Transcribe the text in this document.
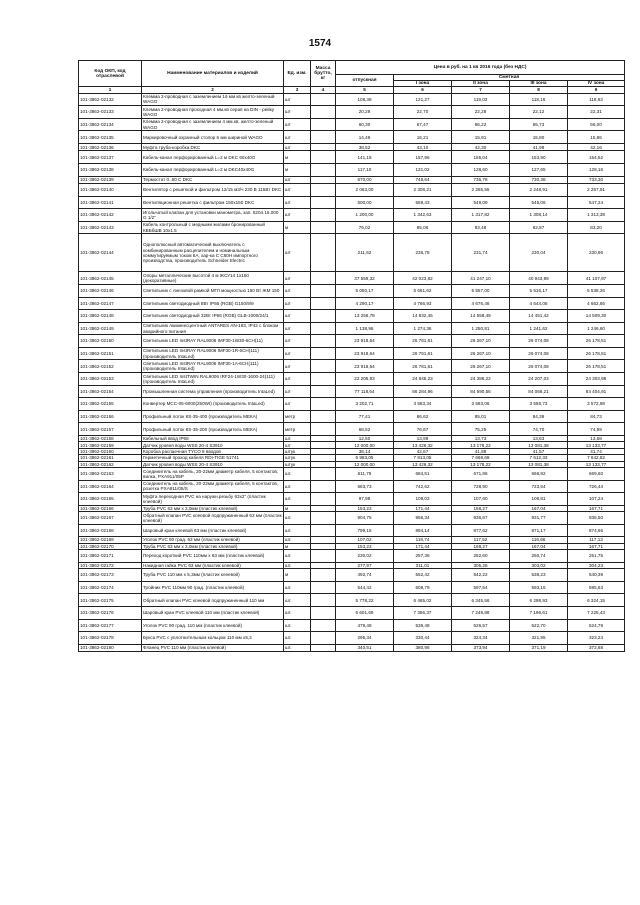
1574
Код ОКП, код отраслевой	Наименование материалов и изделий	Ед. изм.	Масса брутто, кг	Цена в руб. на 1 кв 2016 года (без НДС)				
				отпускная	Сметная			
					I зона	II зона	III зона	IV зона
1	2	3	4	5	6	7	8	9
101-3862-02132	Клемма 2-проводная с заземлением 16 мм кв желто-зеленый WAGO	шт		108,38	121,27	119,03	118,16	118,63
101-3862-02133	Клемма 2-проводная проходная 4 мм.кв серая на DIN - рейку WAGO	шт		20,29	22,70	22,28	22,12	22,31
101-3862-02134	Клемма 2-проводная с заземлением 4 мм.кв. желто-зеленый WAGO	шт		60,30	67,47	66,22	65,73	66,00
101-3862-02135	Маркировочный охранный стопор 6 мм шириной WAGO	шт		14,49	16,21	15,91	15,80	15,86
101-3862-02136	Муфта труба-коробка DKC	шт		38,52	43,10	42,30	41,99	42,16
101-3862-02137	Кабель-канал перфорированный L=2 м DKC 60х40G	м		141,18	157,96	155,04	153,90	154,52
101-3862-02138	Кабель-канал перфорированный L=2 м DKC40х40G	м		117,10	131,02	128,60	127,65	128,16
101-3862-02139	Термостат 0..60 С DKC	шт		670,00	749,64	735,78	730,38	733,30
101-3862-02140	Вентилятор с решеткой и фильтром 12/15 м3/ч 230 В 115Вт DKC	шт		2 063,00	2 308,21	2 265,55	2 248,91	2 257,91
101-3862-02141	Вентиляционная решетка с фильтром 150х150 DKC	шт		500,00	559,43	549,09	545,06	547,24
101-3862-02142	Игольчатый клапан для установки манометра, зап. 5204.16.000 G 1/2"	шт		1 200,00	1 342,63	1 317,82	1 308,14	1 313,38
101-3862-02143	Кабель контрольный с медными жилами бронированный КВБбШВ 10х1.5	м		76,02	85,06	83,48	82,87	83,20
101-3862-02144	Однополюсный автоматический выключатель с комбинированным расцепителем и номинальным коммутируемым током 6А, хар-ка С С60Н импортного производства, производитель Schneider Electric	шт		211,62	236,78	231,74	230,04	230,96
101-3862-02145	Опоры металлические высотой 4 м ЖСУ14 1х150 (декоративные)	шт		37 559,32	42 023,82	41 247,10	40 943,99	41 107,97
101-3862-02146	Светильник с линзовой рамкой МГЛ мощностью 150 Вт ЖМ 150	шт		5 050,17	5 651,62	5 557,00	5 516,17	5 538,26
101-3862-02147	Светильник светодиодный 8Вт IP66 (RGB) G150/9/9	шт		4 290,17	4 766,93	4 676,46	4 644,06	4 662,66
101-3862-02148	Светильник светодиодный 32Вт IP66 (RGB) GLB-1000/24/1	шт		13 256,78	14 832,45	14 558,49	14 451,42	14 509,30
101-3862-02149	Светильник люминесцентный ANTARES AN-193, IP42 с блоком аварийного питания	шт		1 138,96	1 274,36	1 250,81	1 241,62	1 246,60
101-3862-02150	Светильник LED InstRAY RAL9006 IMF30-1W30-6CH(11)	шт		23 918,64	26 761,61	26 267,10	26 074,08	26 178,51
101-3862-02151	Светильник LED InstRAY RAL9006 IMF30-1R-6CH(111) (производитель IntaLed)	шт		23 918,64	26 761,61	26 267,10	26 074,08	26 178,51
101-3862-02152	Светильник LED InstRAY RAL9006 IMF30-1A-6CH(111) (производитель IntaLed)	шт		23 918,64	26 761,61	26 267,10	26 074,08	26 178,51
101-3862-02153	Светильник LED InstTWIN RAL9006 IRF24-1W30-1600-24(111) (производитель IntaLed)	шт		22 205,93	24 845,23	24 386,22	24 207,03	24 303,98
101-3862-02154	Промышленная система управления (производитель IntaLed)	шт		77 118,64	86 284,96	84 690,56	84 068,21	84 404,91
101-3862-02155	Конвертер MCC-05-6000(250Wt) (производитель IntaLed)	шт		3 202,71	3 583,34	3 583,06	3 558,73	3 572,98
101-3862-02156	Профильный лоток КS-35-400 (производитель МЕКА)	метр		77,41	86,62	85,01	84,39	84,73
101-3862-02157	Профильный лоток КS-35-200 (производитель МЕКА)	метр		68,52	76,67	75,25	74,70	74,99
101-3862-02158	Кабельный ввод IP68	шт.		12,50	13,99	13,73	13,63	13,68
101-3862-02159	Датчик уровня воды WSS 20-4 S3910	шт		12 000,00	13 426,32	13 178,22	13 081,38	13 133,77
101-3862-02160	Коробка распаечная TYCO 8 вводов	штук		38,14	42,67	41,88	41,57	41,74
101-3862-02161	Герметичный проход кабеля RDI-TIGE 51741	штук		6 983,05	7 813,05	7 668,69	7 612,33	7 642,82
101-3862-02162	Датчик уровня воды WSS 20-4 S3910	штук		12 000,00	13 426,32	13 178,22	13 081,38	13 133,77
101-3862-02163	Соединитель на кабель, 20-22мм диаметр кабеля, 5 контактов, вилка, PXA911/05P	шт.		611,79	684,51	671,86	666,92	669,60
101-3862-02164	Соединитель на кабель, 20-22мм диаметр кабеля, 5 контактов, розетка PXA911/05/S	шт.		663,73	742,62	728,90	723,54	726,44
101-3862-02165	Муфта переходная PVC на наружн.резьбу 63х2" (пластик клеевой)	шт.		97,98	109,03	107,60	106,81	107,24
101-3862-02166	Труба PVC 63 мм х 3,0мм (пластик клеевой)	м		153,23	171,44	168,27	167,04	167,71
101-3862-02167	Обратный клапан PVC клеевой подпружиненный 63 мм (пластик клеевой)	шт.		904,75	956,34	936,67	931,77	935,50
101-3862-02168	Шаровый кран клеевой 63 мм (пластик клеевой)	шт.		799,15	894,14	877,62	871,17	874,66
101-3862-02169	Уголок PVC 90 град. 63 мм (пластик клеевой)	шт.		107,02	119,74	117,52	116,66	117,13
101-3862-02170	Труба PVC 63 мм х 3,0мм (пластик клеевой)	м		153,23	171,44	168,27	167,04	167,71
101-3862-02171	Переход короткий PVC 110мм х 63 мм (пластик клеевой)	шт.		230,02	257,36	252,60	250,74	251,75
101-3862-02172	Накидная гайка PVC 63 мм (пластик клеевой)	шт.		277,97	311,01	305,26	303,02	304,23
101-3862-02173	Труба PVC 110 мм х 5,3мм (пластик клеевой)	м		492,74	552,42	542,22	538,23	540,39
101-3862-02174	Тройник PVC 110мм 90 град. (пластик клеевой)	шт.		544,42	608,79	597,54	593,15	595,63
101-3862-02175	Обратный клапан PVC клеевой подпружиненный 110 мм	шт.		5 778,22	6 465,02	6 345,56	6 298,93	6 324,15
101-3862-02176	Шаровый кран PVC клеевой 110 мм (пластик клеевой)	шт.		6 601,69	7 386,37	7 249,88	7 196,61	7 225,43
101-3862-02177	Уголок PVC 90 град. 110 мм (пластик клеевой)	шт.		479,49	536,48	526,57	522,70	524,79
101-3862-02178	Букса PVC с уплотнительным кольцом 110 мм х5,3	шт.		295,34	330,44	324,34	321,95	323,24
101-3862-02180	Фланец PVC 110 мм (пластик клеевой)	шт.		340,51	380,98	373,94	371,19	372,68
